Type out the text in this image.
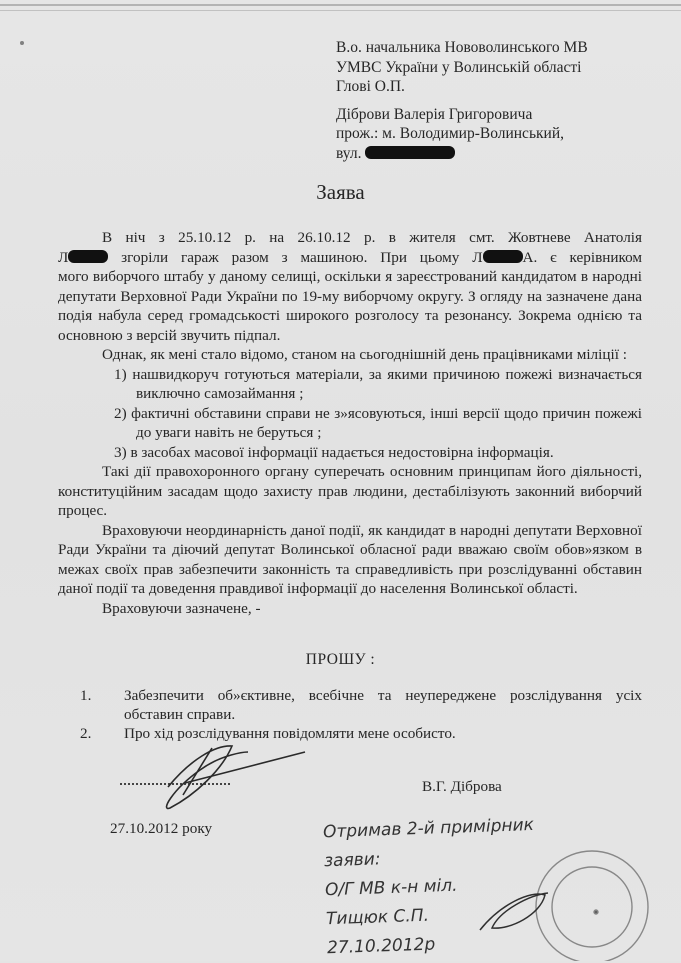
В.о. начальника Нововолинського МВ
УМВС України у Волинській області
Глові О.П.
Діброви Валерія Григоровича
прож.: м. Володимир-Волинський,
вул.
Заява

В ніч з 25.10.12 р. на 26.10.12 р. в жителя смт. Жовтневе Анатолія

Л	згоріли гараж разом з машиною. При цьому Л	А. є керівником

мого виборчого штабу у даному селищі, оскільки я зареєстрований кандидатом в народні депутати Верховної Ради України по 19-му виборчому округу. З огляду на зазначене дана подія набула серед громадськості широкого розголосу та резонансу. Зокрема однією та основною з версій звучить підпал.

Однак, як мені стало відомо, станом на сьогоднішній день працівниками міліції :

1) нашвидкоруч готуються матеріали, за якими причиною пожежі визначається виключно самозаймання ;

2) фактичні обставини справи не з»ясовуються, інші версії щодо причин пожежі до уваги навіть не беруться ;

3) в засобах масової інформації надається недостовірна інформація.

Такі дії правохоронного органу суперечать основним принципам його діяльності, конституційним засадам щодо захисту прав людини, дестабілізують законний виборчий процес.

Враховуючи неординарність даної події, як кандидат в народні депутати Верховної Ради України та діючий депутат Волинської обласної ради вважаю своїм обов»язком в межах своїх прав забезпечити законність та справедливість при розслідуванні обставин даної події та доведення правдивої інформації до населення Волинської області.

Враховуючи зазначене, -

ПРОШУ :
1.	Забезпечити об»єктивне, всебічне та неупереджене розслідування усіх обставин справи.
2.	Про хід розслідування повідомляти мене особисто.
В.Г. Діброва
27.10.2012 року	Отримав 2-й примірник
заяви:
О/Г МВ к-н міл.
Тищюк С.П.
27.10.2012р
